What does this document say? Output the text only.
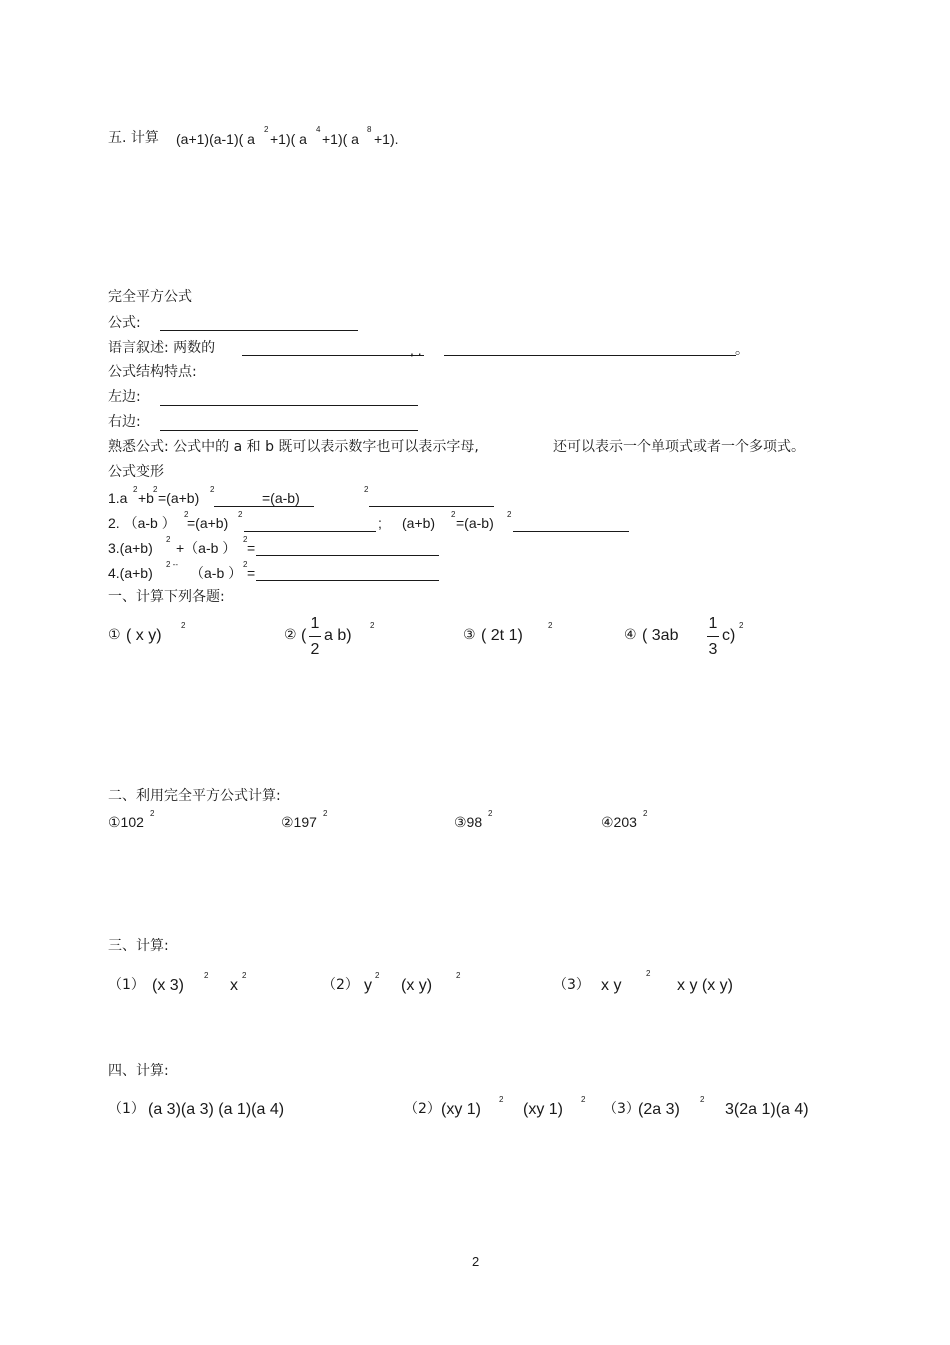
五. 计算 (a+1)(a-1)( a
2
+1)( a
4
+1)( a
8
+1).
完全平方公式
公式:
语言叙述: 两数的	, .	。
公式结构特点:
左边:
右边:
熟悉公式: 公式中的 a 和 b 既可以表示数字也可以表示字母,	还可以表示一个单项式或者一个多项式。
公式变形
1.a
2
+b
2
=(a+b)
2
=(a-b)
2
2. （a-b ）
2
=(a+b)
2
; (a+b)
2
=(a-b)
2
3.(a+b)
2
+（a-b ）
2
=
4.(a+b)
2 --
（a-b ）
2
=
一、计算下列各题:
① ( x y)
2
② (
1
2
a b)
2
③ ( 2t 1)
2
④ ( 3ab
1
3
c)
2
二、利用完全平方公式计算:
①102
2
②197
2
③98
2
④203
2
三、计算:
（1） (x 3)
2
x
2
（2） y
2
(x y)
2
（3） x y
2
x y (x y)
四、计算:
（1） (a 3)(a 3) (a 1)(a 4)	（2） (xy 1)
2
(xy 1)
2
（3）
(2a 3)
2
3(2a 1)(a 4)
2
